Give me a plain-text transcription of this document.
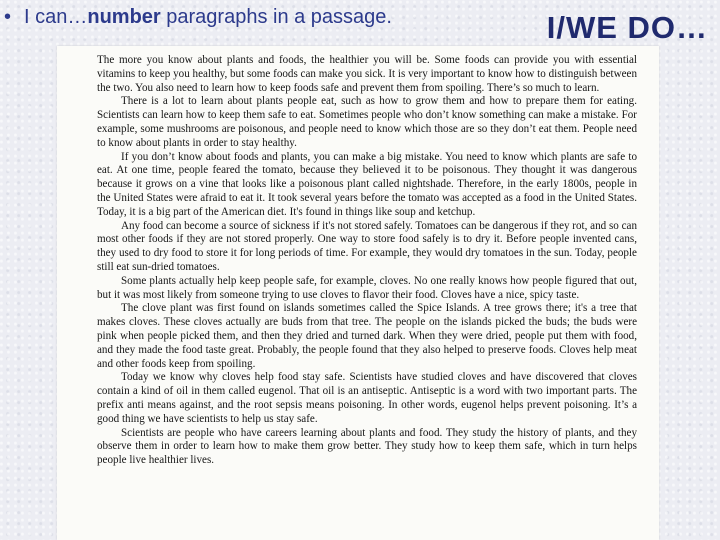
• I can…number paragraphs in a passage.	I/WE DO…

The more you know about plants and foods, the healthier you will be. Some foods can provide you with essential vitamins to keep you healthy, but some foods can make you sick. It is very important to know how to distinguish between the two. You also need to learn how to keep foods safe and prevent them from spoiling. There’s so much to learn.

There is a lot to learn about plants people eat, such as how to grow them and how to prepare them for eating. Scientists can learn how to keep them safe to eat. Sometimes people who don’t know something can make a mistake. For example, some mushrooms are poisonous, and people need to know which those are so they don’t eat them. People need to know about plants in order to stay healthy.

If you don’t know about foods and plants, you can make a big mistake. You need to know which plants are safe to eat. At one time, people feared the tomato, because they believed it to be poisonous. They thought it was dangerous because it grows on a vine that looks like a poisonous plant called nightshade. Therefore, in the early 1800s, people in the United States were afraid to eat it. It took several years before the tomato was accepted as a food in the United States. Today, it is a big part of the American diet. It's found in things like soup and ketchup.

Any food can become a source of sickness if it's not stored safely. Tomatoes can be dangerous if they rot, and so can most other foods if they are not stored properly. One way to store food safely is to dry it. Before people invented cans, they used to dry food to store it for long periods of time. For example, they would dry tomatoes in the sun. Today, people still eat sun-dried tomatoes.

Some plants actually help keep people safe, for example, cloves. No one really knows how people figured that out, but it was most likely from someone trying to use cloves to flavor their food. Cloves have a nice, spicy taste.

The clove plant was first found on islands sometimes called the Spice Islands. A tree grows there; it's a tree that makes cloves. These cloves actually are buds from that tree. The people on the islands picked the buds; the buds were pink when people picked them, and then they dried and turned dark. When they were dried, people put them with food, and they made the food taste great. Probably, the people found that they also helped to preserve foods. Cloves help meat and other foods keep from spoiling.

Today we know why cloves help food stay safe. Scientists have studied cloves and have discovered that cloves contain a kind of oil in them called eugenol. That oil is an antiseptic. Antiseptic is a word with two important parts. The prefix anti means against, and the root sepsis means poisoning. In other words, eugenol helps prevent poisoning. It’s a good thing we have scientists to help us stay safe.

Scientists are people who have careers learning about plants and food. They study the history of plants, and they observe them in order to learn how to make them grow better. They study how to keep them safe, which in turn helps people live healthier lives.
